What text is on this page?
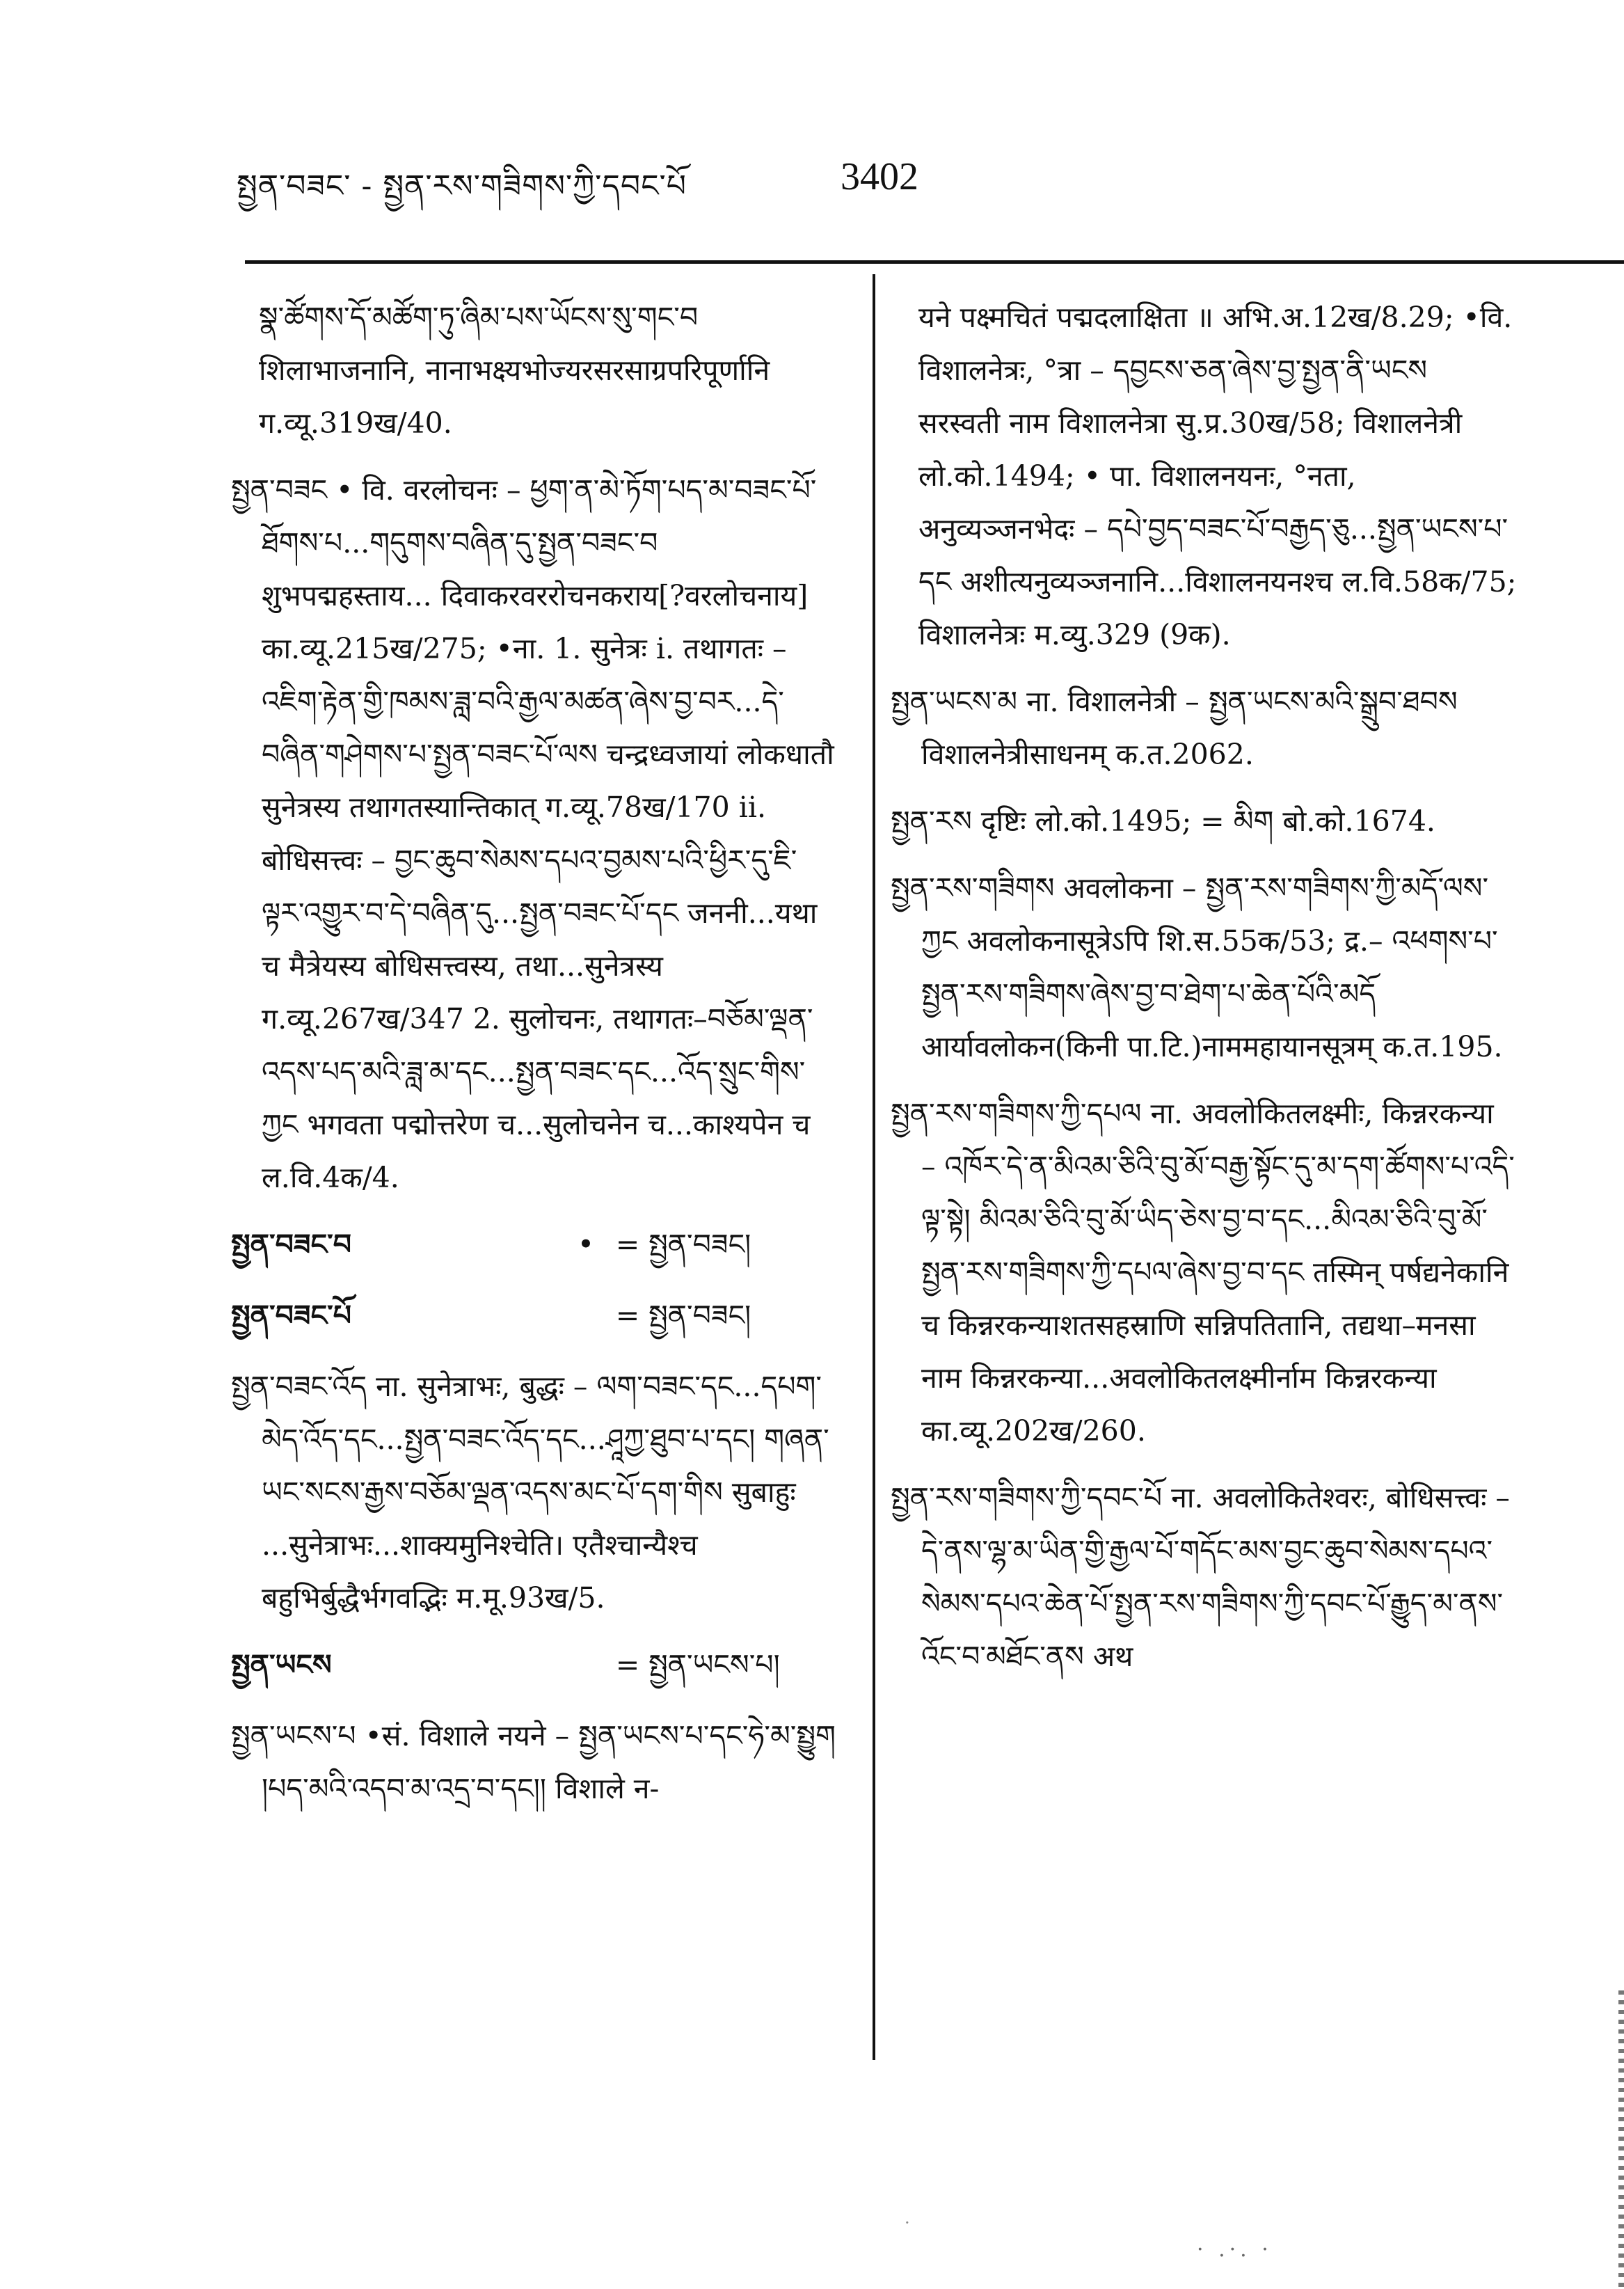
སྤྱན་བཟང་ - སྤྱན་རས་གཟིགས་ཀྱི་དབང་པོ	3402

སྣ་ཚོགས་དོ་མཚོག་ཏུ་ཞིམ་པས་ཡོངས་སུ་གང་བ शिलाभाजनानि, नानाभक्ष्यभोज्यरसरसाग्रपरिपूर्णानि ग.व्यू.319ख/40.

སྤྱན་བཟང • वि. वरलोचनः – ཕྱག་ན་མེ་ཏོག་པད་མ་བཟང་པོ་ཐོགས་པ...གདུགས་བཞིན་དུ་སྤྱན་བཟང་བ शुभपद्महस्ताय... दिवाकरवररोचनकराय[?वरलोचनाय] का.व्यू.215ख/275; •ना. 1. सुनेत्रः i. तथागतः – འཇིག་རྟེན་གྱི་ཁམས་ཟླ་བའི་རྒྱལ་མཚན་ཞེས་བྱ་བར...དེ་བཞིན་གཤེགས་པ་སྤྱན་བཟང་པོ་ལས चन्द्रध्वजायां लोकधातौ सुनेत्रस्य तथागतस्यान्तिकात् ग.व्यू.78ख/170 ii. बोधिसत्त्वः – བྱང་ཆུབ་སེམས་དཔའ་བྱམས་པའི་ཕྱིར་དུ་ཇི་ལྟར་འགྱུར་བ་དེ་བཞིན་དུ...སྤྱན་བཟང་པོ་དང जननी...यथा च मैत्रेयस्य बोधिसत्त्वस्य, तथा...सुनेत्रस्य ग.व्यू.267ख/347 2. सुलोचनः, तथागतः–བཅོམ་ལྡན་འདས་པད་མའི་ཟླ་མ་དང...སྤྱན་བཟང་དང...འོད་སྲུང་གིས་ཀྱང भगवता पद्मोत्तरेण च...सुलोचनेन च...काश्यपेन च ल.वि.4क/4.

སྤྱན་བཟང་བ	• = སྤྱན་བཟང།
སྤྱན་བཟང་པོ	= སྤྱན་བཟང།

སྤྱན་བཟང་འོད ना. सुनेत्राभः, बुद्धः – ལག་བཟང་དང...དཔག་མེད་འོད་དང...སྤྱན་བཟང་འོད་དང...ཤཱཀྱ་ཐུབ་པ་དང། གཞན་ཡང་སངས་རྒྱས་བཅོམ་ལྡན་འདས་མང་པོ་དག་གིས सुबाहुः ...सुनेत्राभः...शाक्यमुनिश्चेति। एतैश्चान्यैश्च बहुभिर्बुद्धैर्भगवद्भिः म.मू.93ख/5.

སྤྱན་ཡངས	= སྤྱན་ཡངས་པ།

སྤྱན་ཡངས་པ •सं. विशाले नयने – སྤྱན་ཡངས་པ་དང་ཧེ་མ་སྤྱུག །པད་མའི་འདབ་མ་འདྲ་བ་དང།། विशाले न-

यने पक्ष्मचितं पद्मदलाक्षिता ॥ अभि.अ.12ख/8.29; •वि. विशालनेत्रः, °त्रा – དབྱངས་ཅན་ཞེས་བྱ་སྤྱན་ནི་ཡངས सरस्वती नाम विशालनेत्रा सु.प्र.30ख/58; विशालनेत्री लो.को.1494; • पा. विशालनयनः, °नता, अनुव्यञ्जनभेदः – དཔེ་བྱད་བཟང་པོ་བརྒྱད་ཅུ...སྤྱན་ཡངས་པ་དང अशीत्यनुव्यञ्जनानि...विशालनयनश्च ल.वि.58क/75; विशालनेत्रः म.व्यु.329 (9क).

སྤྱན་ཡངས་མ ना. विशालनेत्री – སྤྱན་ཡངས་མའི་སྒྲུབ་ཐབས विशालनेत्रीसाधनम् क.त.2062.

སྤྱན་རས दृष्टिः लो.को.1495; = མིག बो.को.1674.

སྤྱན་རས་གཟིགས अवलोकना – སྤྱན་རས་གཟིགས་ཀྱི་མདོ་ལས་ཀྱང अवलोकनासूत्रेऽपि शि.स.55क/53; द्र.– འཕགས་པ་སྤྱན་རས་གཟིགས་ཞེས་བྱ་བ་ཐེག་པ་ཆེན་པོའི་མདོ आर्यावलोकन(किनी पा.टि.)नाममहायानसूत्रम् क.त.195.

སྤྱན་རས་གཟིགས་ཀྱི་དཔལ ना. अवलोकितलक्ष्मीः, किन्नरकन्या – འཁོར་དེ་ན་མིའམ་ཅིའི་བུ་མོ་བརྒྱ་སྟོང་དུ་མ་དག་ཚོགས་པ་འདི་ལྟ་སྟེ། མིའམ་ཅིའི་བུ་མོ་ཡིད་ཅེས་བྱ་བ་དང...མིའམ་ཅིའི་བུ་མོ་སྤྱན་རས་གཟིགས་ཀྱི་དཔལ་ཞེས་བྱ་བ་དང तस्मिन् पर्षद्यनेकानि च किन्नरकन्याशतसहस्राणि सन्निपतितानि, तद्यथा–मनसा नाम किन्नरकन्या...अवलोकितलक्ष्मीर्नाम किन्नरकन्या का.व्यू.202ख/260.

སྤྱན་རས་གཟིགས་ཀྱི་དབང་པོ ना. अवलोकितेश्वरः, बोधिसत्त्वः – དེ་ནས་ལྷ་མ་ཡིན་གྱི་རྒྱལ་པོ་གདོང་མས་བྱང་ཆུབ་སེམས་དཔའ་སེམས་དཔའ་ཆེན་པོ་སྤྱན་རས་གཟིགས་ཀྱི་དབང་པོ་རྒྱུད་མ་ནས་འོང་བ་མཐོང་ནས अथ

·
· .·. ·
